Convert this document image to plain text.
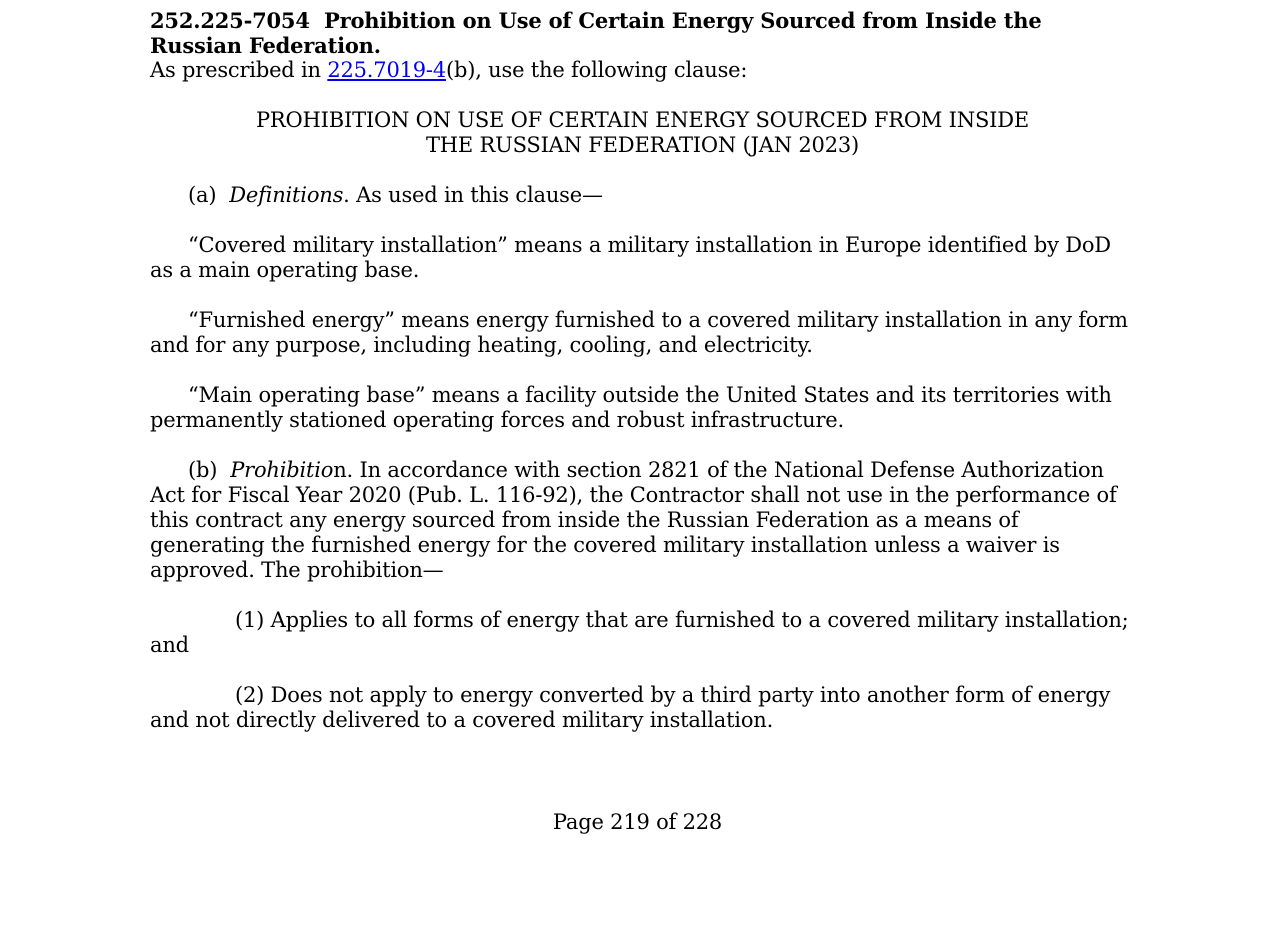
252.225-7054 Prohibition on Use of Certain Energy Sourced from Inside the
Russian Federation.

As prescribed in 225.7019-4(b), use the following clause:

PROHIBITION ON USE OF CERTAIN ENERGY SOURCED FROM INSIDE
THE RUSSIAN FEDERATION (JAN 2023)

(a) Definitions. As used in this clause—

“Covered military installation” means a military installation in Europe identified by DoD as a main operating base.

“Furnished energy” means energy furnished to a covered military installation in any form and for any purpose, including heating, cooling, and electricity.

“Main operating base” means a facility outside the United States and its territories with permanently stationed operating forces and robust infrastructure.

(b) Prohibition. In accordance with section 2821 of the National Defense Authorization Act for Fiscal Year 2020 (Pub. L. 116-92), the Contractor shall not use in the performance of this contract any energy sourced from inside the Russian Federation as a means of generating the furnished energy for the covered military installation unless a waiver is approved. The prohibition—

(1) Applies to all forms of energy that are furnished to a covered military installation; and

(2) Does not apply to energy converted by a third party into another form of energy and not directly delivered to a covered military installation.

Page 219 of 228
